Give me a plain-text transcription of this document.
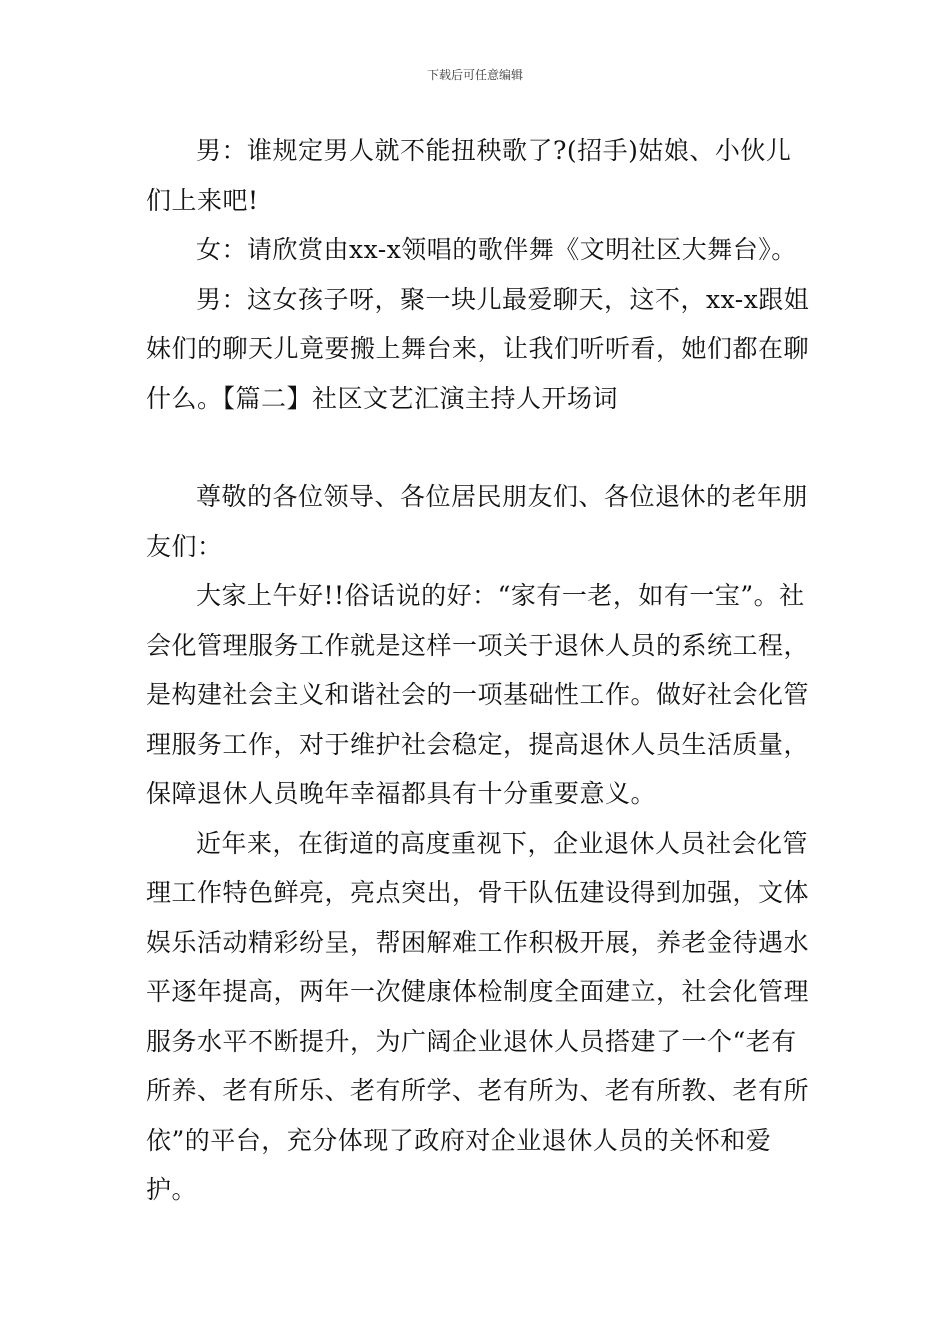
下载后可任意编辑

男：谁规定男人就不能扭秧歌了?(招手)姑娘、小伙儿们上来吧!

女：请欣赏由xx-x领唱的歌伴舞《文明社区大舞台》。

男：这女孩子呀，聚一块儿最爱聊天，这不，xx-x跟姐妹们的聊天儿竟要搬上舞台来，让我们听听看，她们都在聊什么。【篇二】社区文艺汇演主持人开场词

尊敬的各位领导、各位居民朋友们、各位退休的老年朋友们：

大家上午好!!俗话说的好：“家有一老，如有一宝”。社会化管理服务工作就是这样一项关于退休人员的系统工程，是构建社会主义和谐社会的一项基础性工作。做好社会化管理服务工作，对于维护社会稳定，提高退休人员生活质量，保障退休人员晚年幸福都具有十分重要意义。

近年来，在街道的高度重视下，企业退休人员社会化管理工作特色鲜亮，亮点突出，骨干队伍建设得到加强，文体娱乐活动精彩纷呈，帮困解难工作积极开展，养老金待遇水平逐年提高，两年一次健康体检制度全面建立，社会化管理服务水平不断提升，为广阔企业退休人员搭建了一个“老有所养、老有所乐、老有所学、老有所为、老有所教、老有所依”的平台，充分体现了政府对企业退休人员的关怀和爱护。
